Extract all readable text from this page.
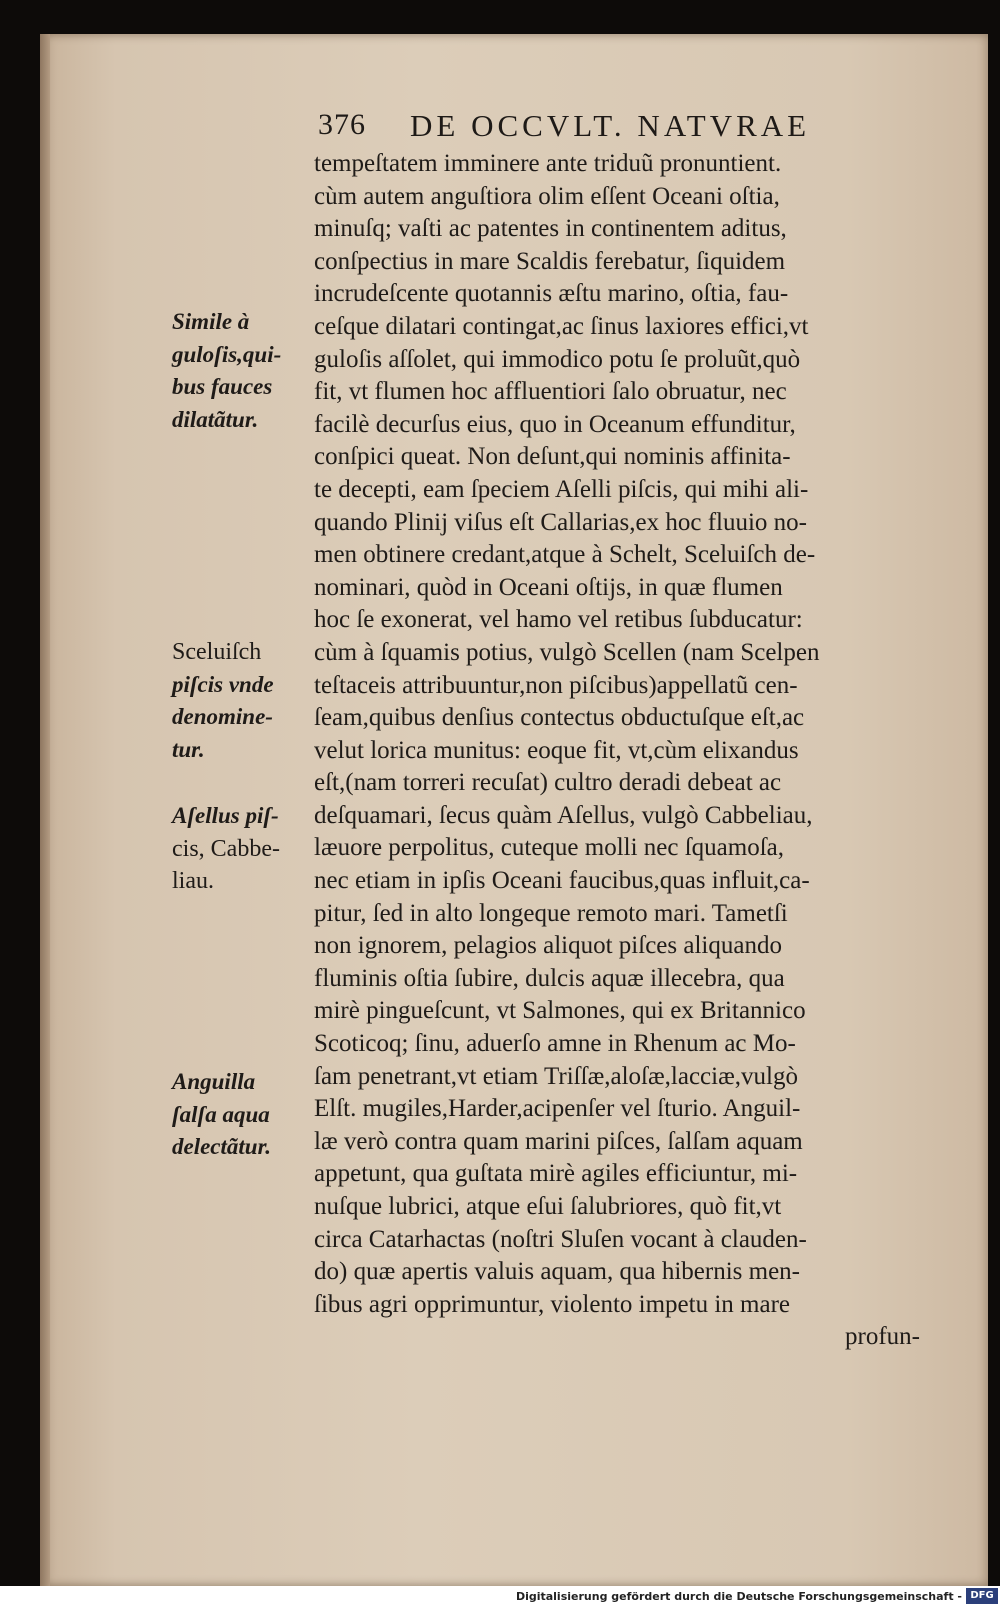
376 DE OCCVLT. NATVRAE
tempeſtatem imminere ante triduũ pronuntient.
cùm autem anguſtiora olim eſſent Oceani oſtia,
minuſq; vaſti ac patentes in continentem aditus,
conſpectius in mare Scaldis ferebatur, ſiquidem
incrudeſcente quotannis æſtu marino, oſtia, fau-
ceſque dilatari contingat,ac ſinus laxiores effici,vt
guloſis aſſolet, qui immodico potu ſe proluũt,quò
fit, vt flumen hoc affluentiori ſalo obruatur, nec
facilè decurſus eius, quo in Oceanum effunditur,
conſpici queat. Non deſunt,qui nominis affinita-
te decepti, eam ſpeciem Aſelli piſcis, qui mihi ali-
quando Plinij viſus eſt Callarias,ex hoc fluuio no-
men obtinere credant,atque à Schelt, Sceluiſch de-
nominari, quòd in Oceani oſtijs, in quæ flumen
hoc ſe exonerat, vel hamo vel retibus ſubducatur:
cùm à ſquamis potius, vulgò Scellen (nam Scelpen
teſtaceis attribuuntur,non piſcibus)appellatũ cen-
ſeam,quibus denſius contectus obductuſque eſt,ac
velut lorica munitus: eoque fit, vt,cùm elixandus
eſt,(nam torreri recuſat) cultro deradi debeat ac
deſquamari, ſecus quàm Aſellus, vulgò Cabbeliau,
læuore perpolitus, cuteque molli nec ſquamoſa,
nec etiam in ipſis Oceani faucibus,quas influit,ca-
pitur, ſed in alto longeque remoto mari. Tametſi
non ignorem, pelagios aliquot piſces aliquando
fluminis oſtia ſubire, dulcis aquæ illecebra, qua
mirè pingueſcunt, vt Salmones, qui ex Britannico
Scoticoq; ſinu, aduerſo amne in Rhenum ac Mo-
ſam penetrant,vt etiam Triſſæ,aloſæ,lacciæ,vulgò
Elſt. mugiles,Harder,acipenſer vel ſturio. Anguil-
læ verò contra quam marini piſces, ſalſam aquam
appetunt, qua guſtata mirè agiles efficiuntur, mi-
nuſque lubrici, atque eſui ſalubriores, quò fit,vt
circa Catarhactas (noſtri Sluſen vocant à clauden-
do) quæ apertis valuis aquam, qua hibernis men-
ſibus agri opprimuntur, violento impetu in mare
profun-
Simile à
guloſis,qui-
bus fauces
dilatãtur.
Sceluiſch
piſcis vnde
denomine-
tur.
Aſellus piſ-
cis, Cabbe-
liau.
Anguilla
ſalſa aqua
delectãtur.
Digitalisierung gefördert durch die Deutsche Forschungsgemeinschaft - DFG
